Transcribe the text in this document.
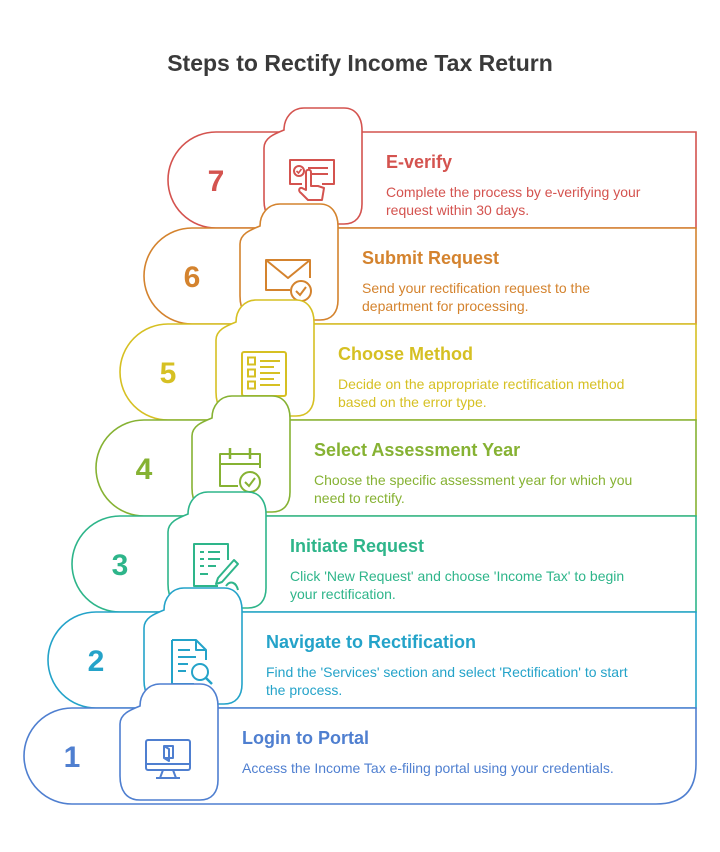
Steps to Rectify Income Tax Return
7
E-verify
Complete the process by e-verifying your
request within 30 days.
6
Submit Request
Send your rectification request to the
department for processing.
5
Choose Method
Decide on the appropriate rectification method
based on the error type.
4
Select Assessment Year
Choose the specific assessment year for which you
need to rectify.
3
Initiate Request
Click 'New Request' and choose 'Income Tax' to begin
your rectification.
2
Navigate to Rectification
Find the 'Services' section and select 'Rectification' to start
the process.
1
Login to Portal
Access the Income Tax e-filing portal using your credentials.
